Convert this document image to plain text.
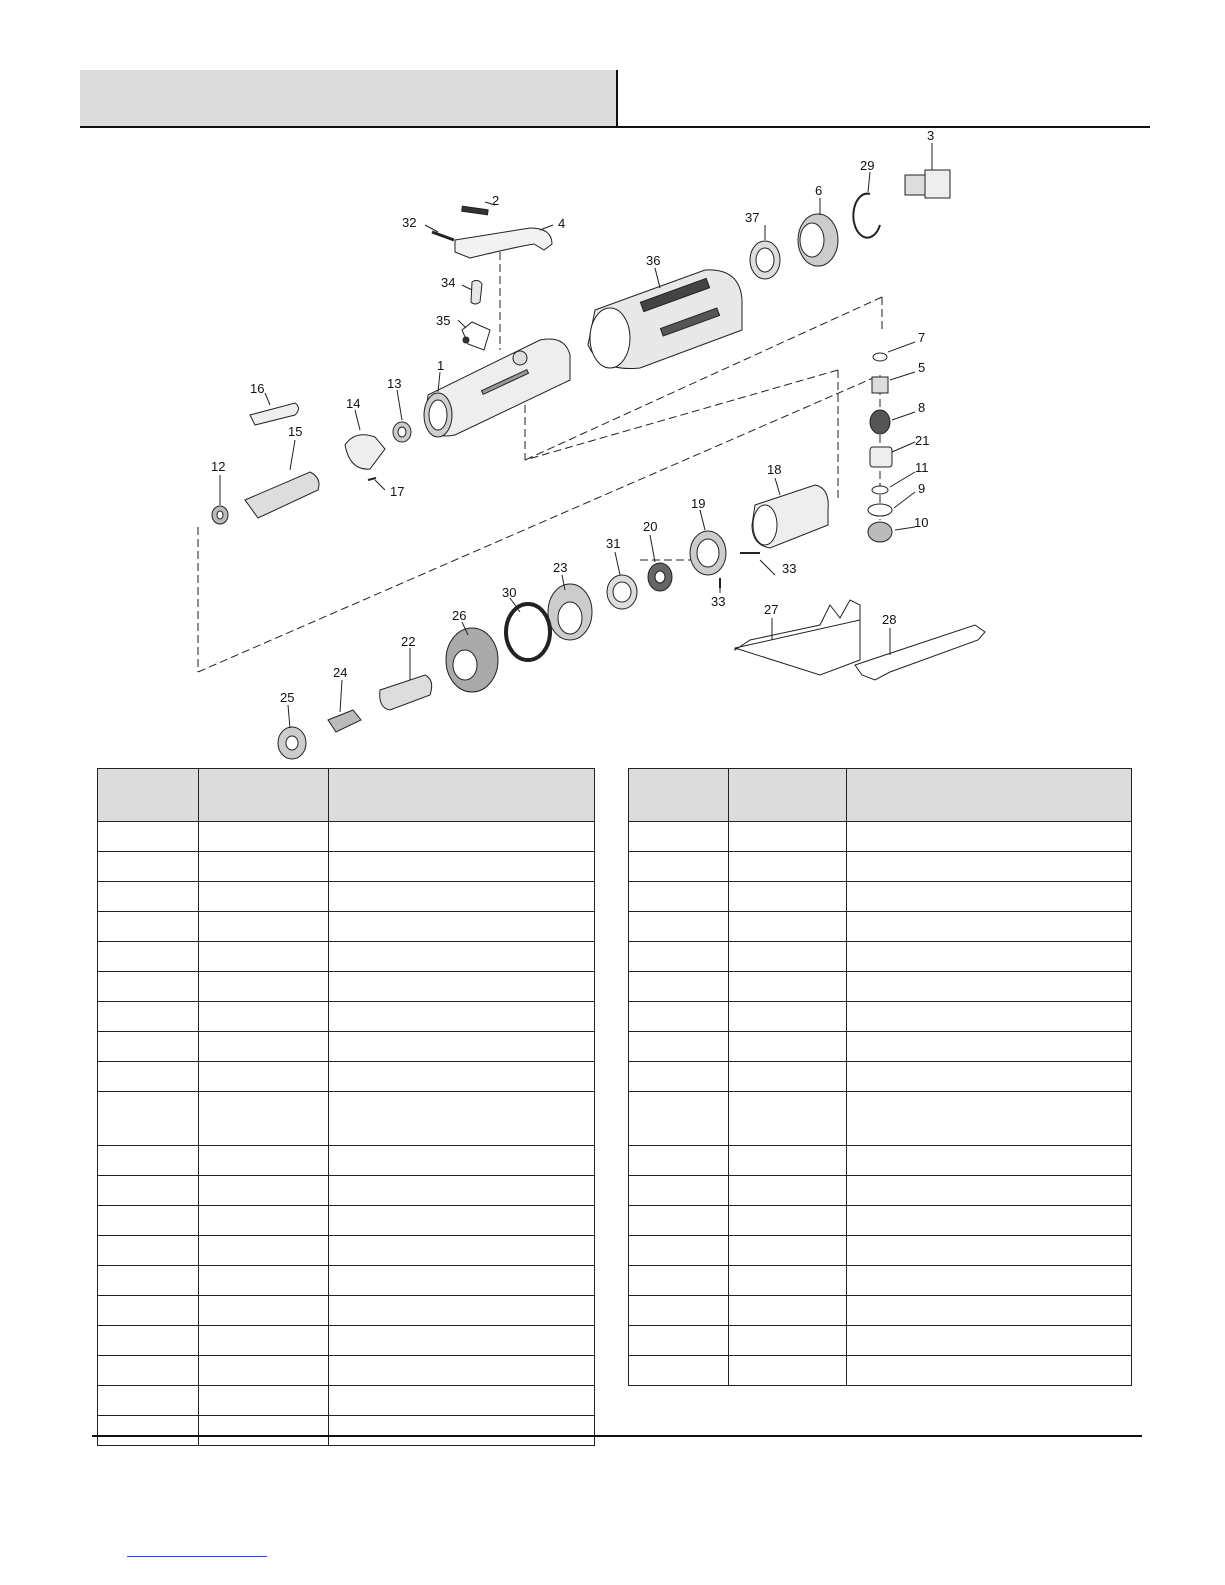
1
2
3
4
5
6
7
8
9
10
11
12
13
14
15
16
17
18
19
20
21
22
23
24
25
26	27
28
29
30
31
32
33
33
34
35
36
37
